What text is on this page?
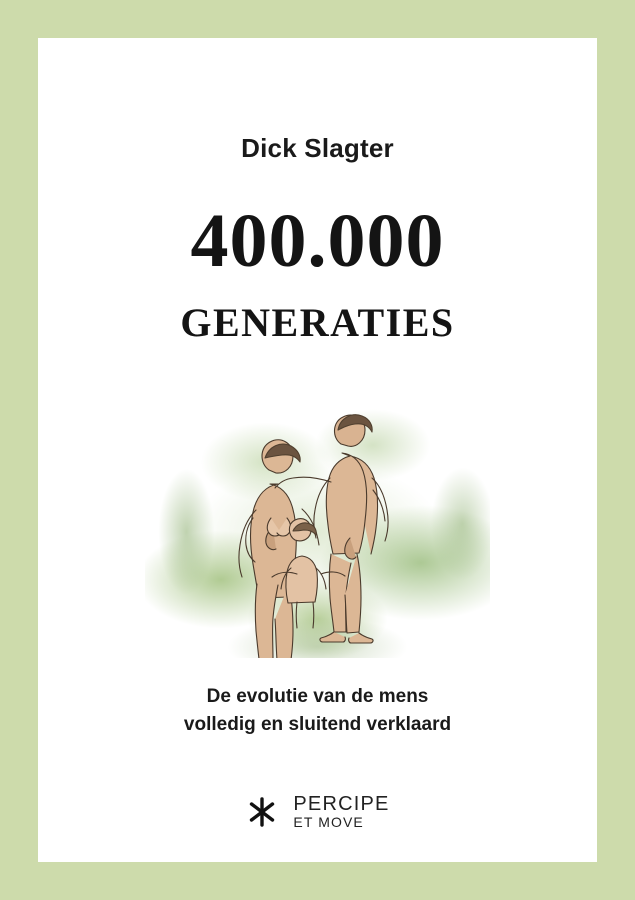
Dick Slagter
400.000
GENERATIES
De evolutie van de mens
volledig en sluitend verklaard
PERCIPE
ET MOVE
